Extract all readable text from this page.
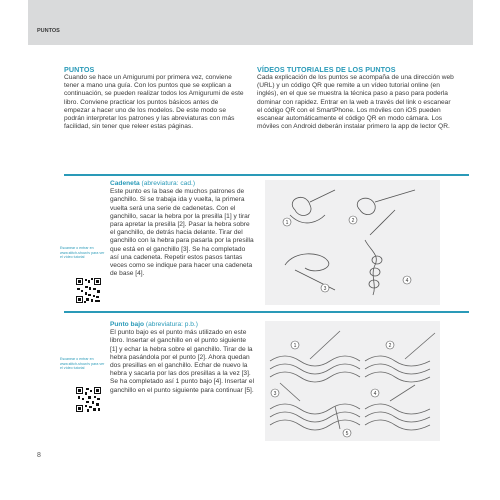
PUNTOS
PUNTOS
Cuando se hace un Amigurumi por primera vez, conviene tener a mano una guía. Con los puntos que se explican a continuación, se pueden realizar todos los Amigurumi de este libro. Conviene practicar los puntos básicos antes de empezar a hacer uno de los modelos. De este modo se podrán interpretar los patrones y las abreviaturas con más facilidad, sin tener que releer estas páginas.
VÍDEOS TUTORIALES DE LOS PUNTOS
Cada explicación de los puntos se acompaña de una dirección web (URL) y un código QR que remite a un vídeo tutorial online (en inglés), en el que se muestra la técnica paso a paso para poderla dominar con rapidez. Entrar en la web a través del link o escanear el código QR con el SmartPhone. Los móviles con iOS pueden escanear automáticamente el código QR en modo cámara. Los móviles con Android deberán instalar primero la app de lector QR.
Cadeneta (abreviatura: cad.)
Este punto es la base de muchos patrones de ganchillo. Si se trabaja ida y vuelta, la primera vuelta será una serie de cadenetas. Con el ganchillo, sacar la hebra por la presilla [1] y tirar para apretar la presilla [2]. Pasar la hebra sobre el ganchillo, de detrás hacia delante. Tirar del ganchillo con la hebra para pasarla por la presilla que está en el ganchillo [3]. Se ha completado así una cadeneta. Repetir estos pasos tantas veces como se indique para hacer una cadeneta de base [4].
Escanear o entrar en www.stitch-show.tv para ver el vídeo tutorial
1	2
3
4
Punto bajo (abreviatura: p.b.)
El punto bajo es el punto más utilizado en este libro. Insertar el ganchillo en el punto siguiente [1] y echar la hebra sobre el ganchillo. Tirar de la hebra pasándola por el punto [2]. Ahora quedan dos presillas en el ganchillo. Echar de nuevo la hebra y sacarla por las dos presillas a la vez [3]. Se ha completado así 1 punto bajo [4]. Insertar el ganchillo en el punto siguiente para continuar [5].
Escanear o entrar en www.stitch-show.tv para ver el vídeo tutorial
1	2
3	4
5
8
